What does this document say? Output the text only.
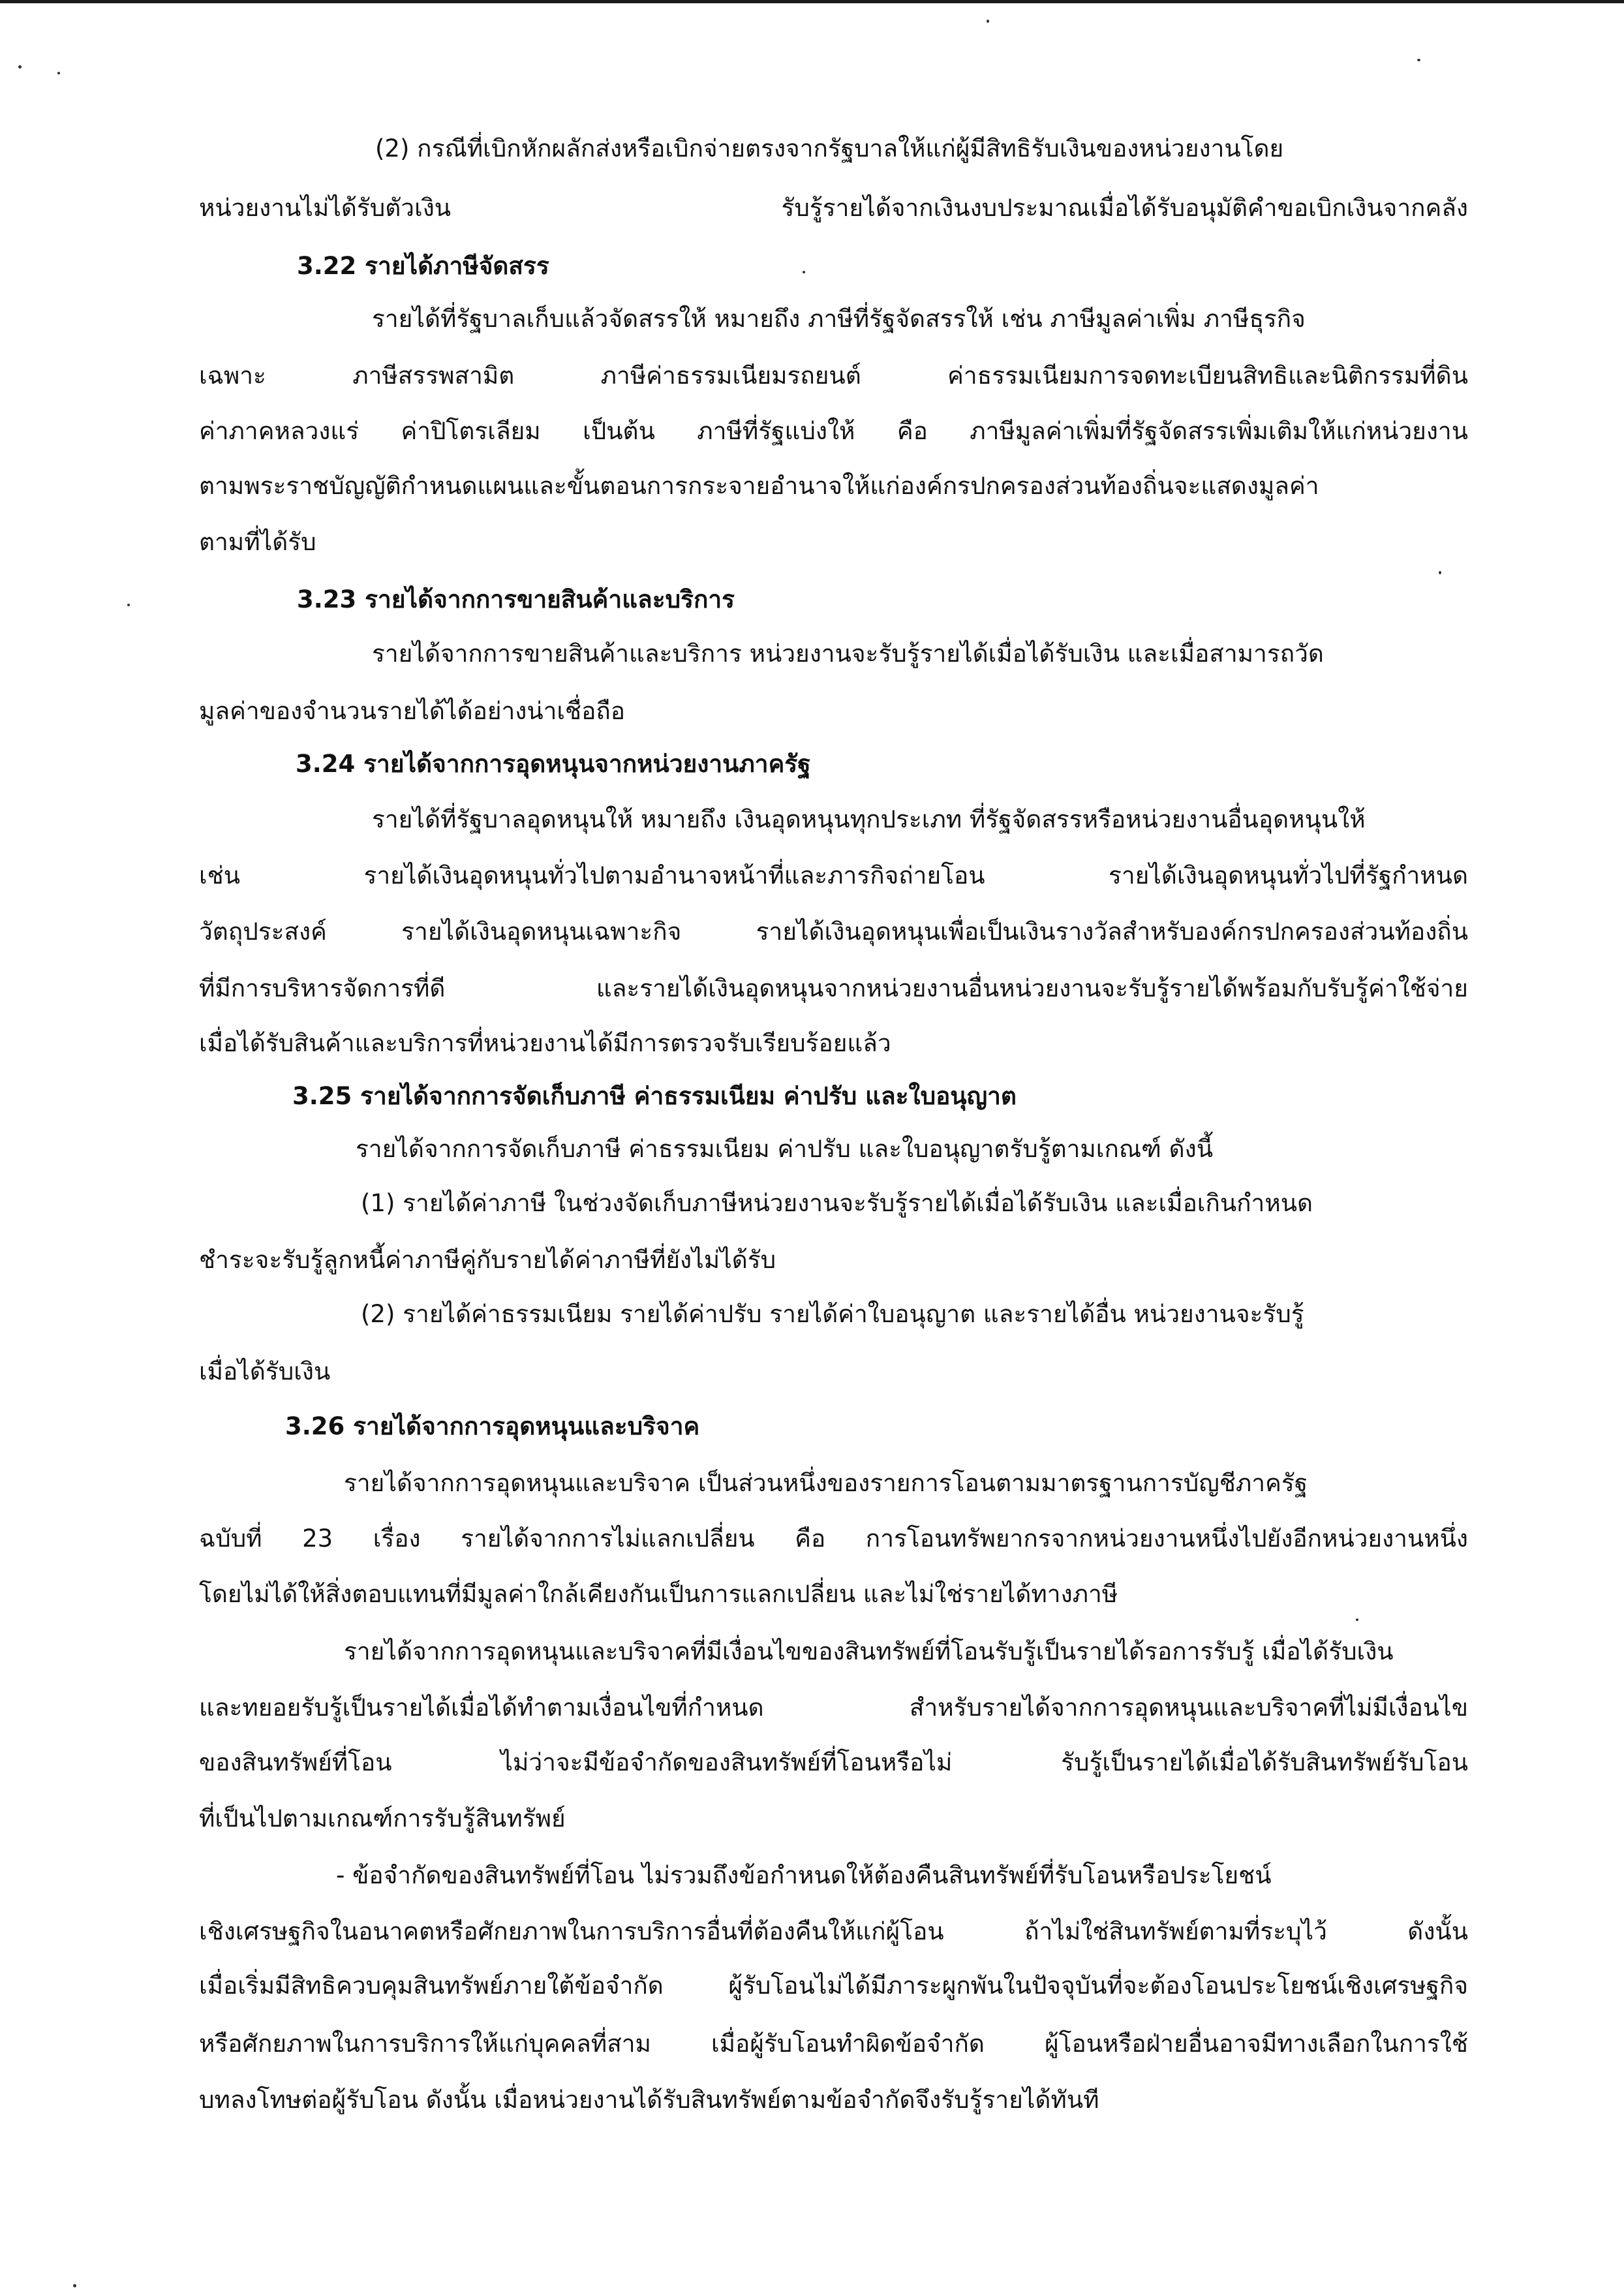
(2) กรณีที่เบิกหักผลักส่งหรือเบิกจ่ายตรงจากรัฐบาลให้แก่ผู้มีสิทธิรับเงินของหน่วยงานโดย
หน่วยงานไม่ได้รับตัวเงิน รับรู้รายได้จากเงินงบประมาณเมื่อได้รับอนุมัติคำขอเบิกเงินจากคลัง
3.22 รายได้ภาษีจัดสรร
รายได้ที่รัฐบาลเก็บแล้วจัดสรรให้ หมายถึง ภาษีที่รัฐจัดสรรให้ เช่น ภาษีมูลค่าเพิ่ม ภาษีธุรกิจ
เฉพาะ ภาษีสรรพสามิต ภาษีค่าธรรมเนียมรถยนต์ ค่าธรรมเนียมการจดทะเบียนสิทธิและนิติกรรมที่ดิน
ค่าภาคหลวงแร่ ค่าปิโตรเลียม เป็นต้น ภาษีที่รัฐแบ่งให้ คือ ภาษีมูลค่าเพิ่มที่รัฐจัดสรรเพิ่มเติมให้แก่หน่วยงาน
ตามพระราชบัญญัติกำหนดแผนและขั้นตอนการกระจายอำนาจให้แก่องค์กรปกครองส่วนท้องถิ่นจะแสดงมูลค่า
ตามที่ได้รับ
3.23 รายได้จากการขายสินค้าและบริการ
รายได้จากการขายสินค้าและบริการ หน่วยงานจะรับรู้รายได้เมื่อได้รับเงิน และเมื่อสามารถวัด
มูลค่าของจำนวนรายได้ได้อย่างน่าเชื่อถือ
3.24 รายได้จากการอุดหนุนจากหน่วยงานภาครัฐ
รายได้ที่รัฐบาลอุดหนุนให้ หมายถึง เงินอุดหนุนทุกประเภท ที่รัฐจัดสรรหรือหน่วยงานอื่นอุดหนุนให้
เช่น รายได้เงินอุดหนุนทั่วไปตามอำนาจหน้าที่และภารกิจถ่ายโอน รายได้เงินอุดหนุนทั่วไปที่รัฐกำหนด
วัตถุประสงค์ รายได้เงินอุดหนุนเฉพาะกิจ รายได้เงินอุดหนุนเพื่อเป็นเงินรางวัลสำหรับองค์กรปกครองส่วนท้องถิ่น
ที่มีการบริหารจัดการที่ดี และรายได้เงินอุดหนุนจากหน่วยงานอื่นหน่วยงานจะรับรู้รายได้พร้อมกับรับรู้ค่าใช้จ่าย
เมื่อได้รับสินค้าและบริการที่หน่วยงานได้มีการตรวจรับเรียบร้อยแล้ว
3.25 รายได้จากการจัดเก็บภาษี ค่าธรรมเนียม ค่าปรับ และใบอนุญาต
รายได้จากการจัดเก็บภาษี ค่าธรรมเนียม ค่าปรับ และใบอนุญาตรับรู้ตามเกณฑ์ ดังนี้
(1) รายได้ค่าภาษี ในช่วงจัดเก็บภาษีหน่วยงานจะรับรู้รายได้เมื่อได้รับเงิน และเมื่อเกินกำหนด
ชำระจะรับรู้ลูกหนี้ค่าภาษีคู่กับรายได้ค่าภาษีที่ยังไม่ได้รับ
(2) รายได้ค่าธรรมเนียม รายได้ค่าปรับ รายได้ค่าใบอนุญาต และรายได้อื่น หน่วยงานจะรับรู้
เมื่อได้รับเงิน
3.26 รายได้จากการอุดหนุนและบริจาค
รายได้จากการอุดหนุนและบริจาค เป็นส่วนหนึ่งของรายการโอนตามมาตรฐานการบัญชีภาครัฐ
ฉบับที่ 23 เรื่อง รายได้จากการไม่แลกเปลี่ยน คือ การโอนทรัพยากรจากหน่วยงานหนึ่งไปยังอีกหน่วยงานหนึ่ง
โดยไม่ได้ให้สิ่งตอบแทนที่มีมูลค่าใกล้เคียงกันเป็นการแลกเปลี่ยน และไม่ใช่รายได้ทางภาษี
รายได้จากการอุดหนุนและบริจาคที่มีเงื่อนไขของสินทรัพย์ที่โอนรับรู้เป็นรายได้รอการรับรู้ เมื่อได้รับเงิน
และทยอยรับรู้เป็นรายได้เมื่อได้ทำตามเงื่อนไขที่กำหนด สำหรับรายได้จากการอุดหนุนและบริจาคที่ไม่มีเงื่อนไข
ของสินทรัพย์ที่โอน ไม่ว่าจะมีข้อจำกัดของสินทรัพย์ที่โอนหรือไม่ รับรู้เป็นรายได้เมื่อได้รับสินทรัพย์รับโอน
ที่เป็นไปตามเกณฑ์การรับรู้สินทรัพย์
- ข้อจำกัดของสินทรัพย์ที่โอน ไม่รวมถึงข้อกำหนดให้ต้องคืนสินทรัพย์ที่รับโอนหรือประโยชน์
เชิงเศรษฐกิจในอนาคตหรือศักยภาพในการบริการอื่นที่ต้องคืนให้แก่ผู้โอน ถ้าไม่ใช่สินทรัพย์ตามที่ระบุไว้ ดังนั้น
เมื่อเริ่มมีสิทธิควบคุมสินทรัพย์ภายใต้ข้อจำกัด ผู้รับโอนไม่ได้มีภาระผูกพันในปัจจุบันที่จะต้องโอนประโยชน์เชิงเศรษฐกิจ
หรือศักยภาพในการบริการให้แก่บุคคลที่สาม เมื่อผู้รับโอนทำผิดข้อจำกัด ผู้โอนหรือฝ่ายอื่นอาจมีทางเลือกในการใช้
บทลงโทษต่อผู้รับโอน ดังนั้น เมื่อหน่วยงานได้รับสินทรัพย์ตามข้อจำกัดจึงรับรู้รายได้ทันที
